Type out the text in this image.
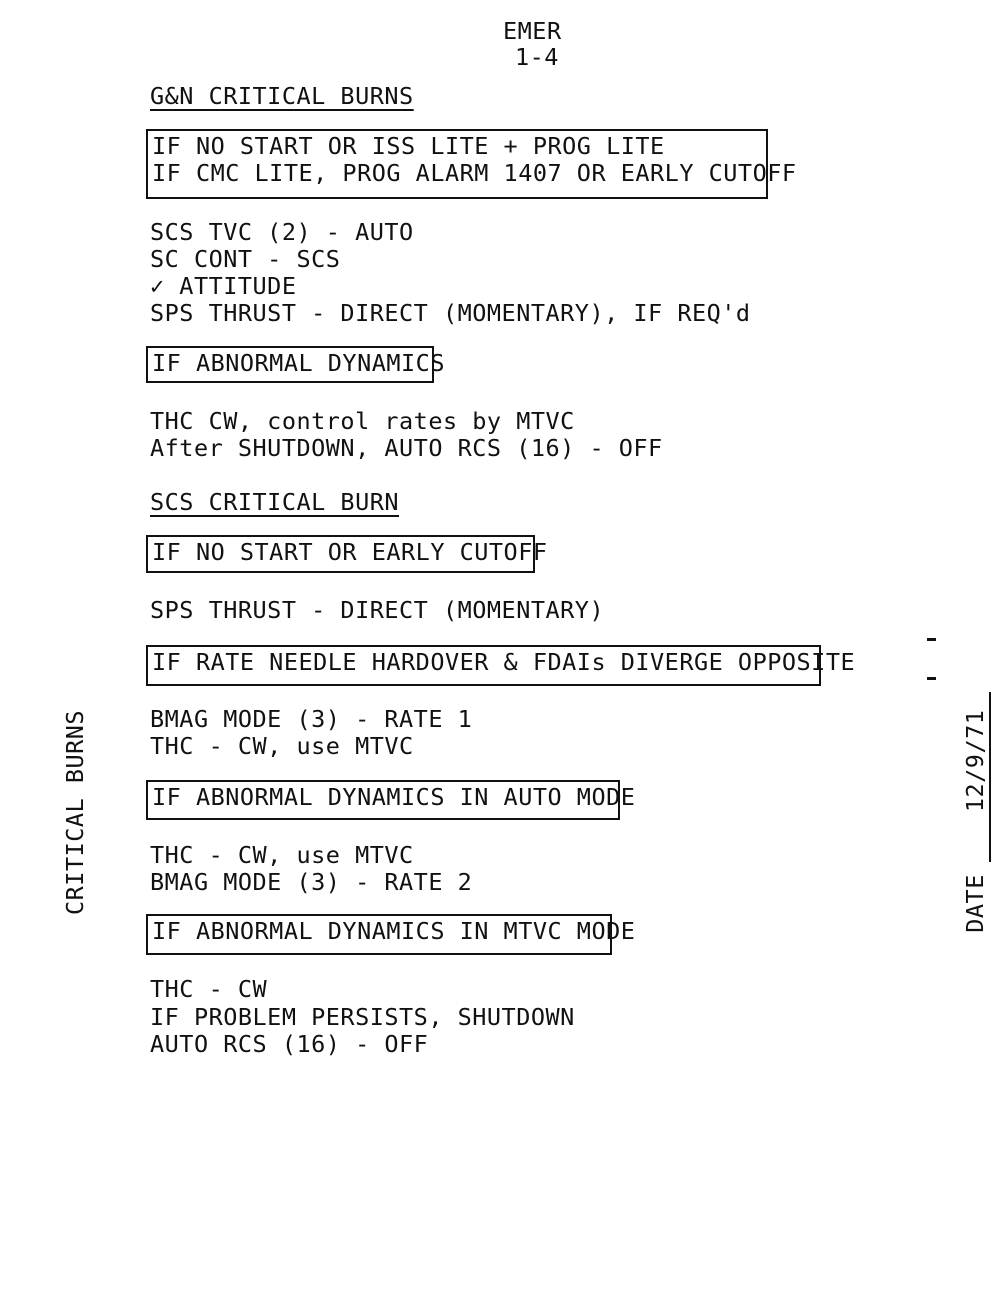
EMER
1-4
G&N CRITICAL BURNS
IF NO START OR ISS LITE + PROG LITE
IF CMC LITE, PROG ALARM 1407 OR EARLY CUTOFF
SCS TVC (2) - AUTO
SC CONT - SCS
✓ ATTITUDE
SPS THRUST - DIRECT (MOMENTARY), IF REQ'd
IF ABNORMAL DYNAMICS
THC CW, control rates by MTVC
After SHUTDOWN, AUTO RCS (16) - OFF
SCS CRITICAL BURN
IF NO START OR EARLY CUTOFF
SPS THRUST - DIRECT (MOMENTARY)
IF RATE NEEDLE HARDOVER & FDAIs DIVERGE OPPOSITE
BMAG MODE (3) - RATE 1
THC - CW, use MTVC
IF ABNORMAL DYNAMICS IN AUTO MODE
THC - CW, use MTVC
BMAG MODE (3) - RATE 2
IF ABNORMAL DYNAMICS IN MTVC MODE
THC - CW
IF PROBLEM PERSISTS, SHUTDOWN
AUTO RCS (16) - OFF
CRITICAL BURNS	DATE12/9/71
